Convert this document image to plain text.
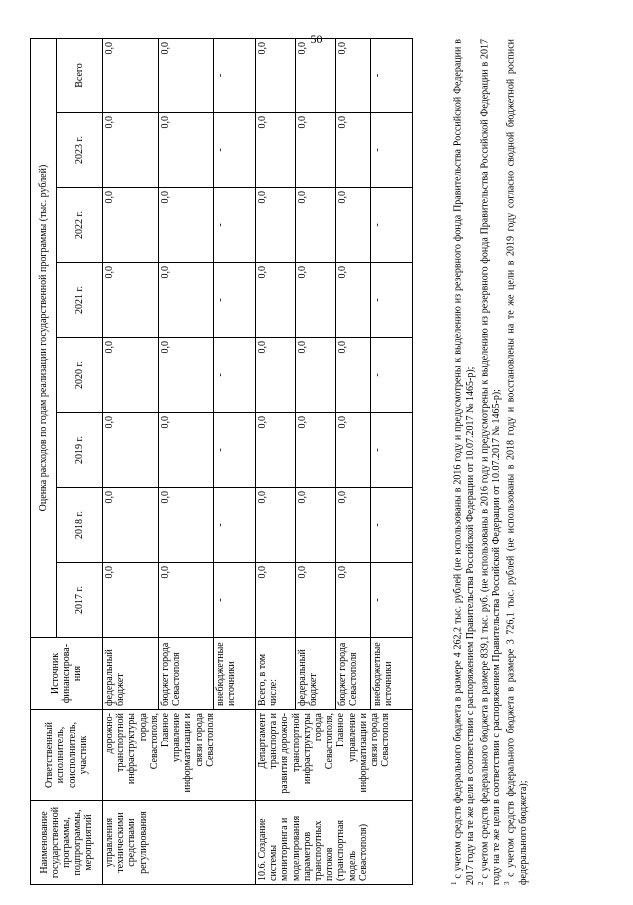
50
Наименование государственной программы, подпрограммы, мероприятий	Ответственный исполнитель, соисполнитель, участник	Источник финансирова-ния	Оценка расходов по годам реализации государственной программы (тыс. рублей)							
			2017 г.	2018 г.	2019 г.	2020 г.	2021 г.	2022 г.	2023 г.	Всего
управления техническими средствами регулирования	дорожно-транспортной инфраструктуры города Севастополя, Главное управление информатизации и связи города Севастополя	федеральный бюджет	0,0	0,0	0,0	0,0	0,0	0,0	0,0	0,0
		бюджет города Севастополя	0,0	0,0	0,0	0,0	0,0	0,0	0,0	0,0
		внебюджетные источники	-	-	-	-	-	-	-	-
10.6. Создание системы мониторинга и моделирования параметров транспортных потоков (транспортная модель Севастополя)	Департамент транспорта и развития дорожно-транспортной инфраструктуры города Севастополя, Главное управление информатизации и связи города Севастополя	Всего, в том числе:	0,0	0,0	0,0	0,0	0,0	0,0	0,0	0,0
		федеральный бюджет	0,0	0,0	0,0	0,0	0,0	0,0	0,0	0,0
		бюджет города Севастополя	0,0	0,0	0,0	0,0	0,0	0,0	0,0	0,0
		внебюджетные источники	-	-	-	-	-	-	-	-

$^1$ с учетом средств федерального бюджета в размере 4 262,2 тыс. рублей (не использованы в 2016 году и предусмотрены к выделению из резервного фонда Правительства Российской Федерации в 2017 году на те же цели в соответствии с распоряжением Правительства Российской Федерации от 10.07.2017 № 1465-р); $^2$ с учетом средств федерального бюджета в размере 839,1 тыс. руб. (не использованы в 2016 году и предусмотрены к выделению из резервного фонда Правительства Российской Федерации в 2017 году на те же цели в соответствии с распоряжением Правительства Российской Федерации от 10.07.2017 № 1465-р); $^3$ с учетом средств федерального бюджета в размере 3 726,1 тыс. рублей (не использованы в 2018 году и восстановлены на те же цели в 2019 году согласно сводной бюджетной росписи федерального бюджета);
